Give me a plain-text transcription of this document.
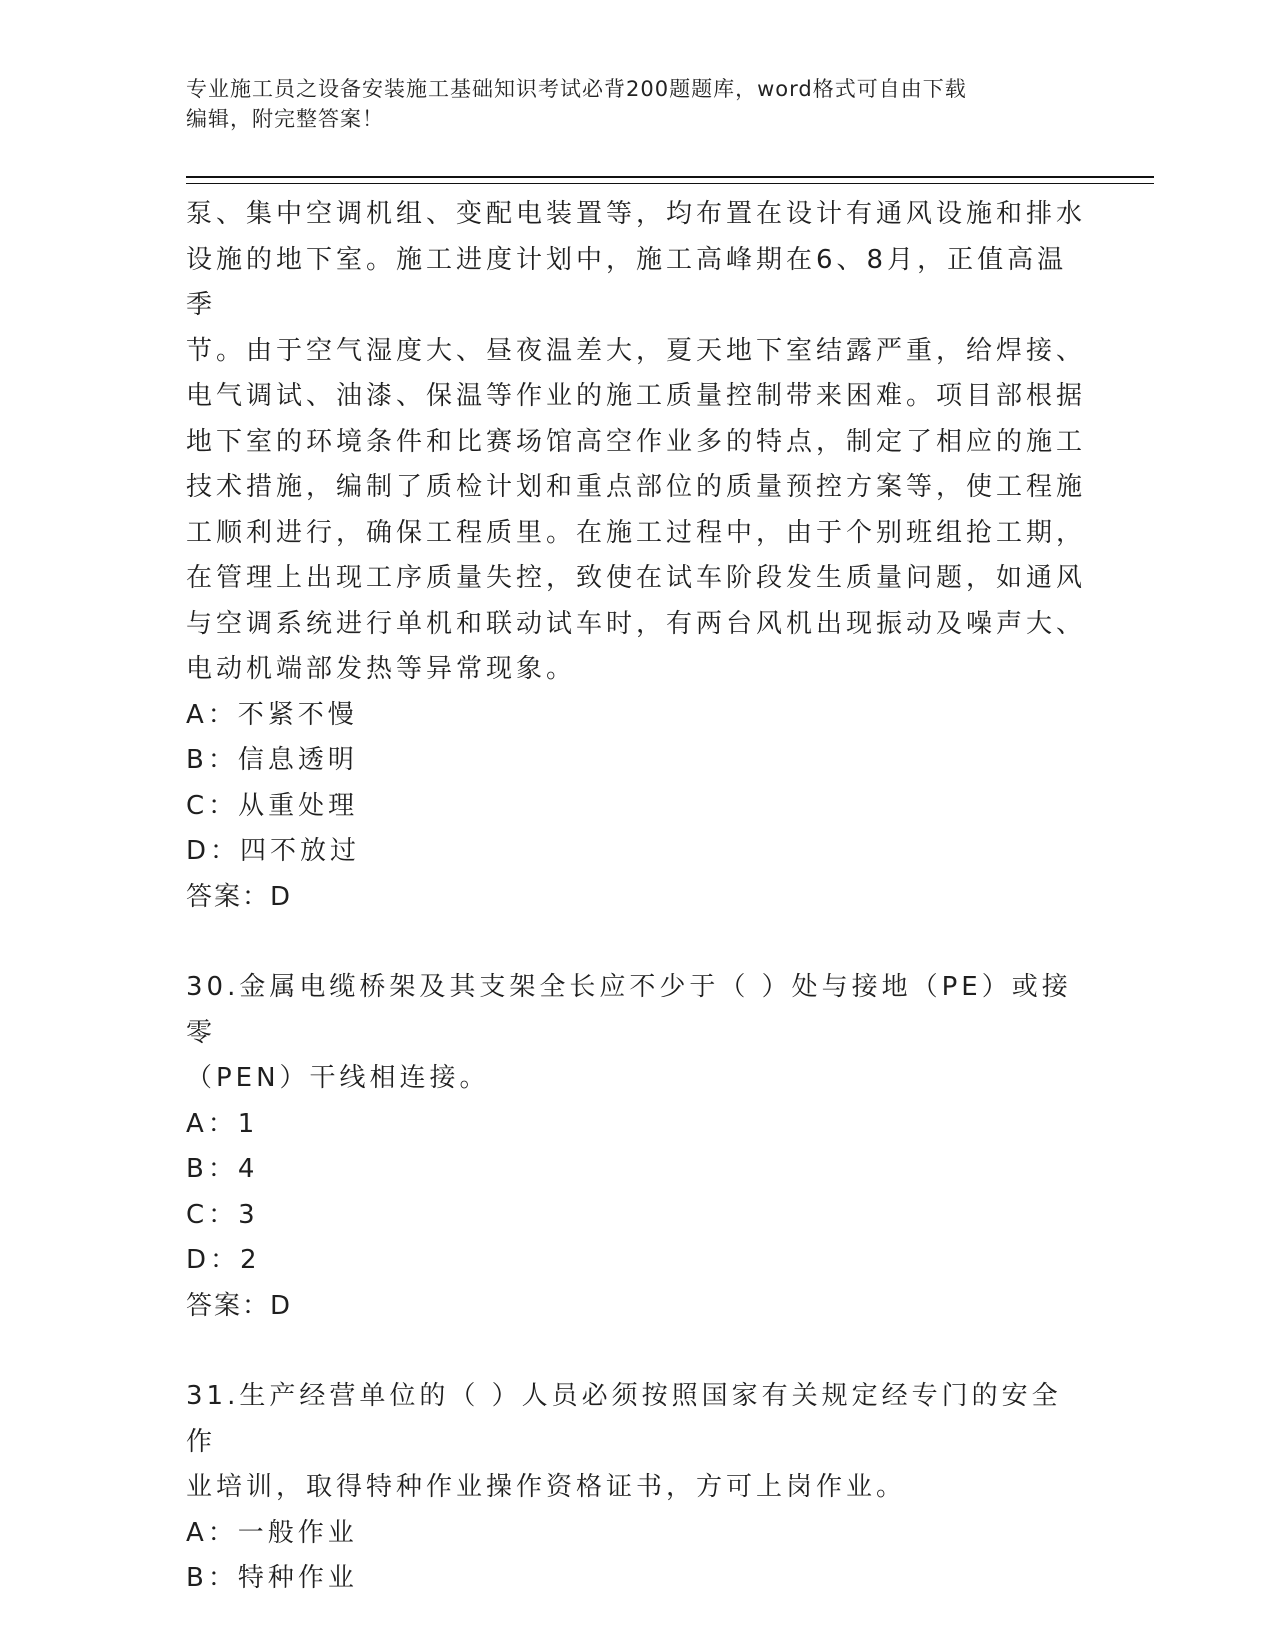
专业施工员之设备安装施工基础知识考试必背200题题库，word格式可自由下载
编辑，附完整答案！

泵、集中空调机组、变配电装置等，均布置在设计有通风设施和排水

设施的地下室。施工进度计划中，施工高峰期在6、8月，正值高温季

节。由于空气湿度大、昼夜温差大，夏天地下室结露严重，给焊接、

电气调试、油漆、保温等作业的施工质量控制带来困难。项目部根据

地下室的环境条件和比赛场馆高空作业多的特点，制定了相应的施工

技术措施，编制了质检计划和重点部位的质量预控方案等，使工程施

工顺利进行，确保工程质里。在施工过程中，由于个别班组抢工期，

在管理上出现工序质量失控，致使在试车阶段发生质量问题，如通风

与空调系统进行单机和联动试车时，有两台风机出现振动及噪声大、

电动机端部发热等异常现象。

A：不紧不慢

B：信息透明

C：从重处理

D：四不放过

答案：D

30.金属电缆桥架及其支架全长应不少于（ ）处与接地（PE）或接零

（PEN）干线相连接。

A：1

B：4

C：3

D：2

答案：D

31.生产经营单位的（ ）人员必须按照国家有关规定经专门的安全作

业培训，取得特种作业操作资格证书，方可上岗作业。

A：一般作业

B：特种作业
